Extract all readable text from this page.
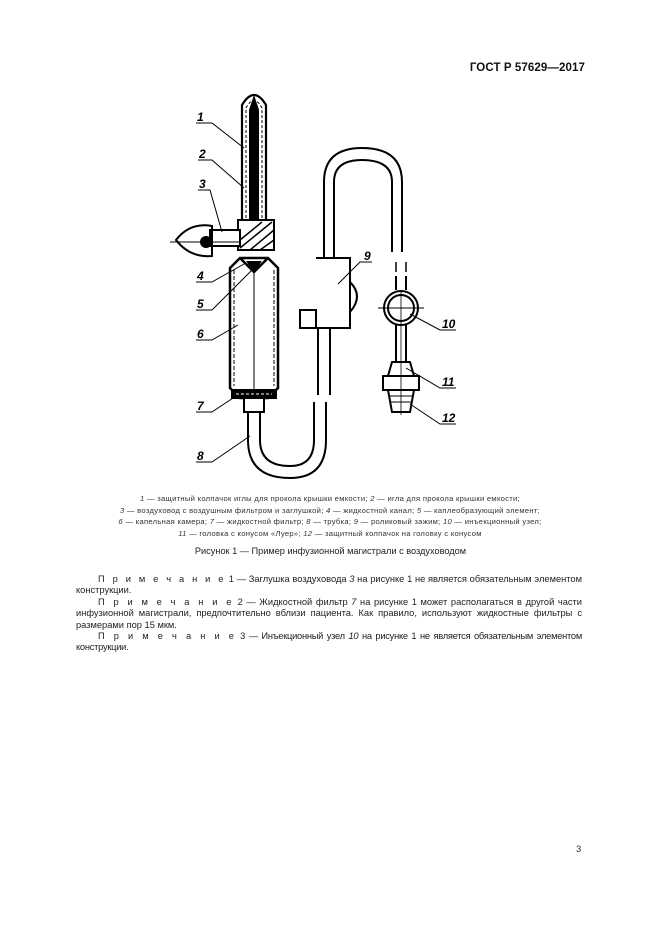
ГОСТ Р 57629—2017
1
2
3
4
5
6
7
8
9
10
11
12
1 — защитный колпачок иглы для прокола крышки емкости; 2 — игла для прокола крышки емкости;
3 — воздуховод с воздушным фильтром и заглушкой; 4 — жидкостной канал; 5 — каплеобразующий элемент;
6 — капельная камера; 7 — жидкостной фильтр; 8 — трубка; 9 — роликовый зажим; 10 — инъекционный узел;
11 — головка с конусом «Луер»; 12 — защитный колпачок на головку с конусом
Рисунок 1 — Пример инфузионной магистрали с воздуховодом

П р и м е ч а н и е 1 — Заглушка воздуховода 3 на рисунке 1 не является обязательным элементом конструкции.

П р и м е ч а н и е 2 — Жидкостной фильтр 7 на рисунке 1 может располагаться в другой части инфузионной магистрали, предпочтительно вблизи пациента. Как правило, используют жидкостные фильтры с размерами пор 15 мкм.

П р и м е ч а н и е 3 — Инъекционный узел 10 на рисунке 1 не является обязательным элементом конструкции.

3
